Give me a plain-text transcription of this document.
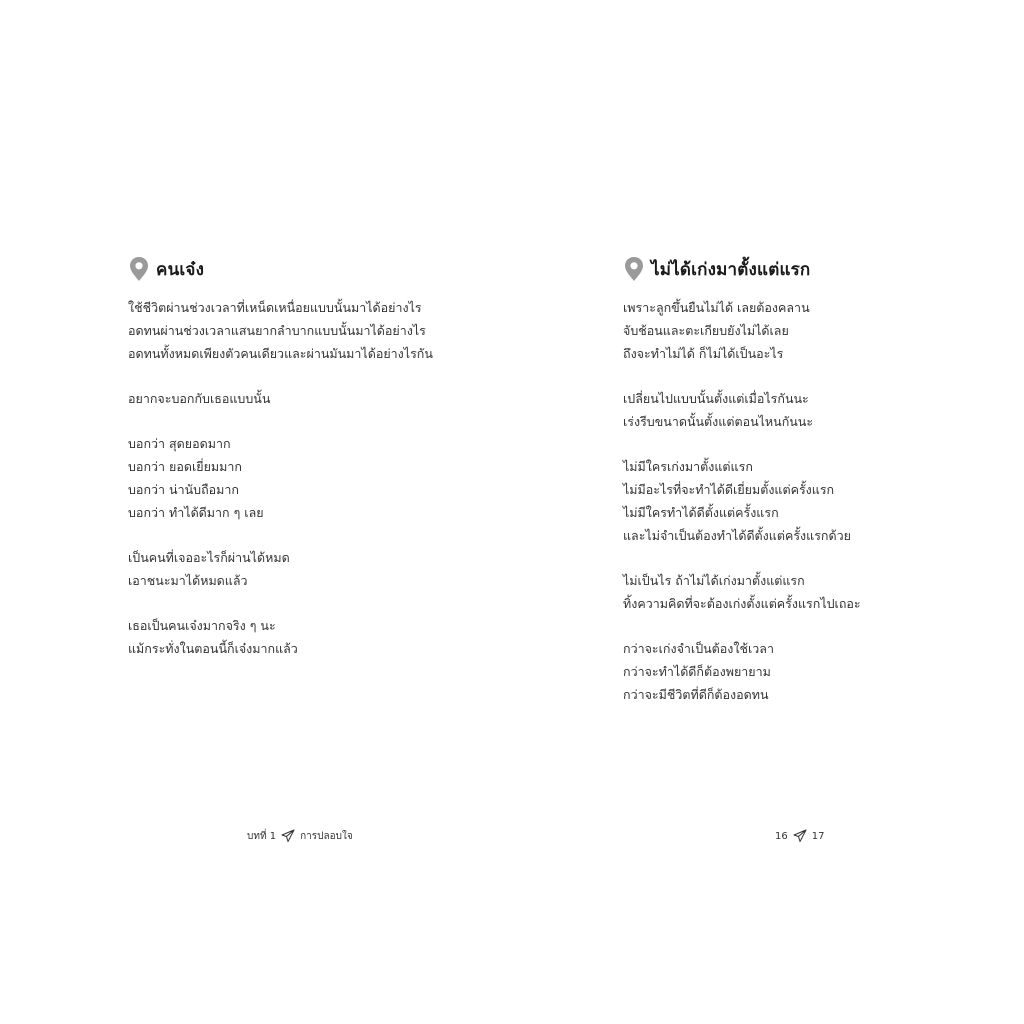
คนเจ๋ง
ใช้ชีวิตผ่านช่วงเวลาที่เหน็ดเหนื่อยแบบนั้นมาได้อย่างไร
อดทนผ่านช่วงเวลาแสนยากลำบากแบบนั้นมาได้อย่างไร
อดทนทั้งหมดเพียงตัวคนเดียวและผ่านมันมาได้อย่างไรกัน
อยากจะบอกกับเธอแบบนั้น
บอกว่า สุดยอดมาก
บอกว่า ยอดเยี่ยมมาก
บอกว่า น่านับถือมาก
บอกว่า ทำได้ดีมาก ๆ เลย
เป็นคนที่เจออะไรก็ผ่านได้หมด
เอาชนะมาได้หมดแล้ว
เธอเป็นคนเจ๋งมากจริง ๆ นะ
แม้กระทั่งในตอนนี้ก็เจ๋งมากแล้ว
บทที่ 1 การปลอบใจ
ไม่ได้เก่งมาตั้งแต่แรก
เพราะลูกขึ้นยืนไม่ได้ เลยต้องคลาน
จับช้อนและตะเกียบยังไม่ได้เลย
ถึงจะทำไม่ได้ ก็ไม่ได้เป็นอะไร
เปลี่ยนไปแบบนั้นตั้งแต่เมื่อไรกันนะ
เร่งรีบขนาดนั้นตั้งแต่ตอนไหนกันนะ
ไม่มีใครเก่งมาตั้งแต่แรก
ไม่มีอะไรที่จะทำได้ดีเยี่ยมตั้งแต่ครั้งแรก
ไม่มีใครทำได้ดีตั้งแต่ครั้งแรก
และไม่จำเป็นต้องทำได้ดีตั้งแต่ครั้งแรกด้วย
ไม่เป็นไร ถ้าไม่ได้เก่งมาตั้งแต่แรก
ทิ้งความคิดที่จะต้องเก่งตั้งแต่ครั้งแรกไปเถอะ
กว่าจะเก่งจำเป็นต้องใช้เวลา
กว่าจะทำได้ดีก็ต้องพยายาม
กว่าจะมีชีวิตที่ดีก็ต้องอดทน
16 17
